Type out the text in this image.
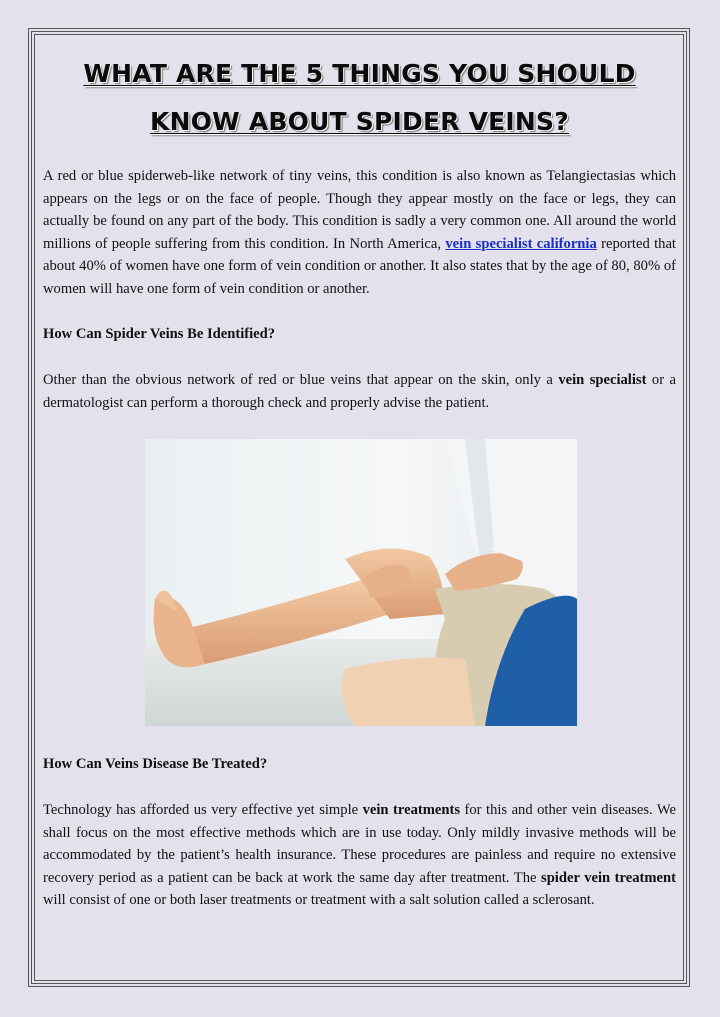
WHAT ARE THE 5 THINGS YOU SHOULD
KNOW ABOUT SPIDER VEINS?

A red or blue spiderweb-like network of tiny veins, this condition is also known as Telangiectasias which appears on the legs or on the face of people. Though they appear mostly on the face or legs, they can actually be found on any part of the body. This condition is sadly a very common one. All around the world millions of people suffering from this condition. In North America, vein specialist california reported that about 40% of women have one form of vein condition or another. It also states that by the age of 80, 80% of women will have one form of vein condition or another.

How Can Spider Veins Be Identified?

Other than the obvious network of red or blue veins that appear on the skin, only a vein specialist or a dermatologist can perform a thorough check and properly advise the patient.

How Can Veins Disease Be Treated?

Technology has afforded us very effective yet simple vein treatments for this and other vein diseases. We shall focus on the most effective methods which are in use today. Only mildly invasive methods will be accommodated by the patient’s health insurance. These procedures are painless and require no extensive recovery period as a patient can be back at work the same day after treatment. The spider vein treatment will consist of one or both laser treatments or treatment with a salt solution called a sclerosant.
